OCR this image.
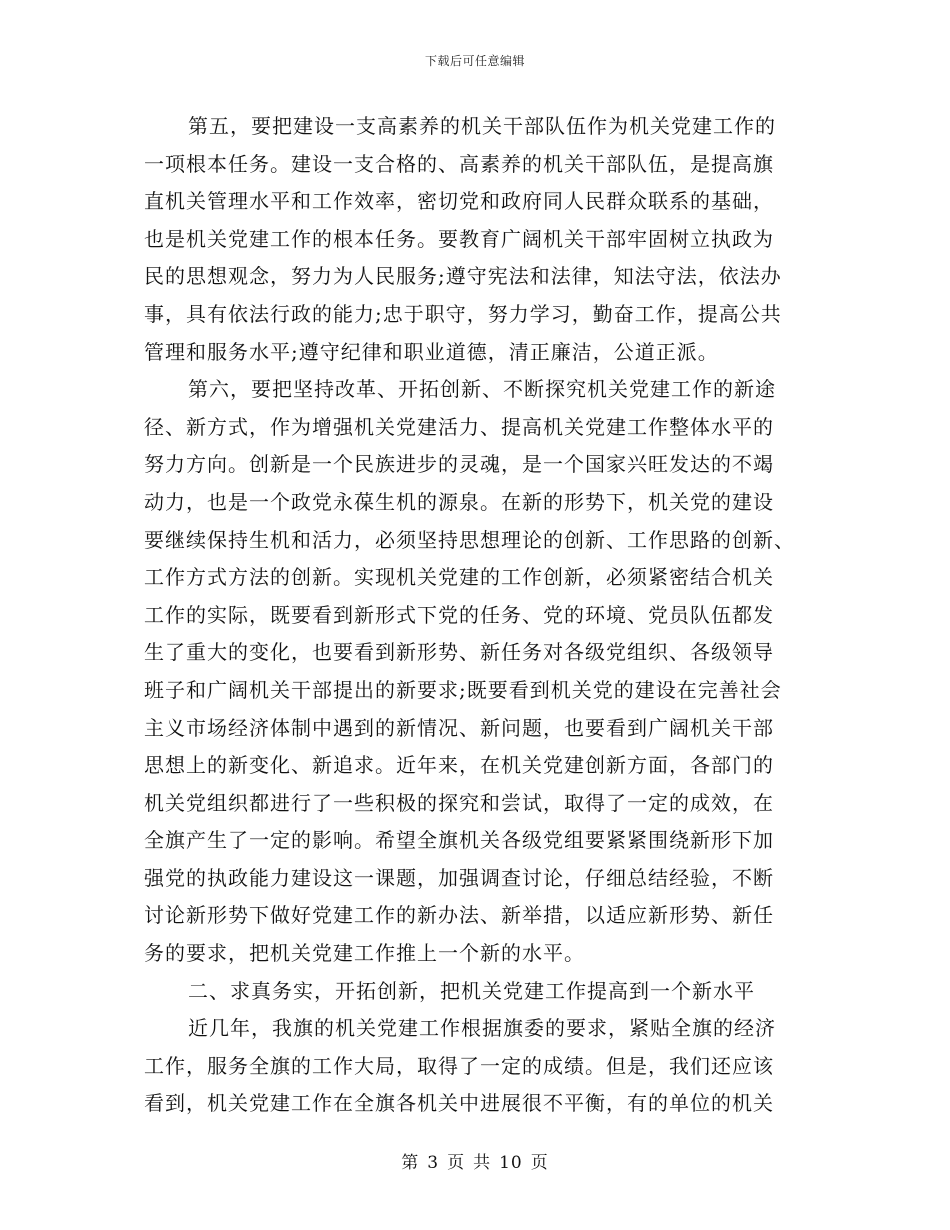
下载后可任意编辑
第五，要把建设一支高素养的机关干部队伍作为机关党建工作的
一项根本任务。建设一支合格的、高素养的机关干部队伍，是提高旗
直机关管理水平和工作效率，密切党和政府同人民群众联系的基础，
也是机关党建工作的根本任务。要教育广阔机关干部牢固树立执政为
民的思想观念，努力为人民服务;遵守宪法和法律，知法守法，依法办
事，具有依法行政的能力;忠于职守，努力学习，勤奋工作，提高公共
管理和服务水平;遵守纪律和职业道德，清正廉洁，公道正派。
第六，要把坚持改革、开拓创新、不断探究机关党建工作的新途
径、新方式，作为增强机关党建活力、提高机关党建工作整体水平的
努力方向。创新是一个民族进步的灵魂，是一个国家兴旺发达的不竭
动力，也是一个政党永葆生机的源泉。在新的形势下，机关党的建设
要继续保持生机和活力，必须坚持思想理论的创新、工作思路的创新、
工作方式方法的创新。实现机关党建的工作创新，必须紧密结合机关
工作的实际，既要看到新形式下党的任务、党的环境、党员队伍都发
生了重大的变化，也要看到新形势、新任务对各级党组织、各级领导
班子和广阔机关干部提出的新要求;既要看到机关党的建设在完善社会
主义市场经济体制中遇到的新情况、新问题，也要看到广阔机关干部
思想上的新变化、新追求。近年来，在机关党建创新方面，各部门的
机关党组织都进行了一些积极的探究和尝试，取得了一定的成效，在
全旗产生了一定的影响。希望全旗机关各级党组要紧紧围绕新形下加
强党的执政能力建设这一课题，加强调查讨论，仔细总结经验，不断
讨论新形势下做好党建工作的新办法、新举措，以适应新形势、新任
务的要求，把机关党建工作推上一个新的水平。
二、求真务实，开拓创新，把机关党建工作提高到一个新水平
近几年，我旗的机关党建工作根据旗委的要求，紧贴全旗的经济
工作，服务全旗的工作大局，取得了一定的成绩。但是，我们还应该
看到，机关党建工作在全旗各机关中进展很不平衡，有的单位的机关
第 3 页 共 10 页
